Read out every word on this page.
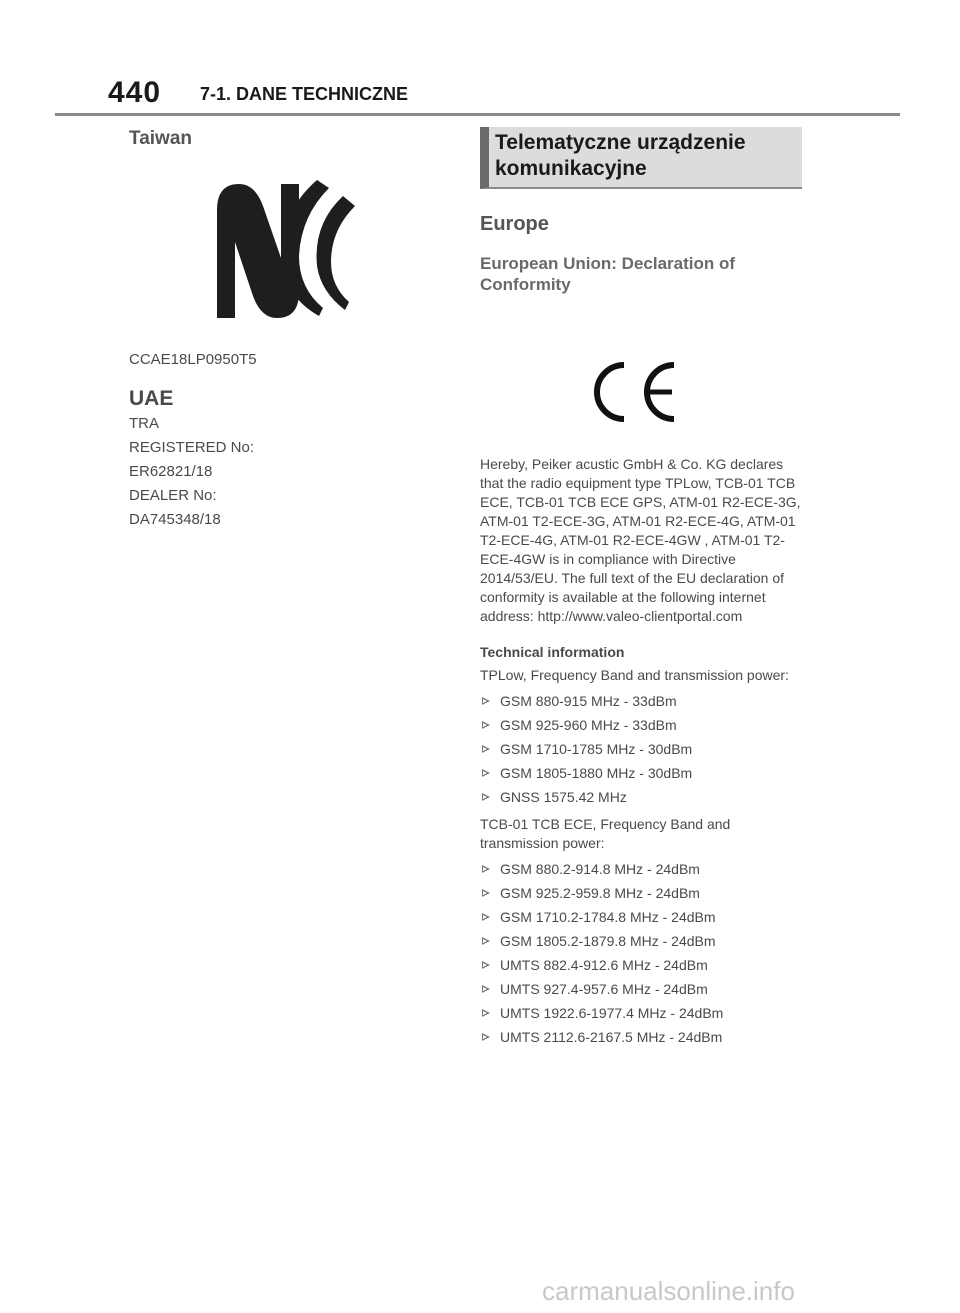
440 7-1. DANE TECHNICZNE
Taiwan

CCAE18LP0950T5

UAE

TRA

REGISTERED No:

ER62821/18

DEALER No:

DA745348/18

Telematyczne urządzenie komunikacyjne
Europe
European Union: Declaration of Conformity
Hereby, Peiker acustic GmbH & Co. KG declares that the radio equipment type TPLow, TCB-01 TCB ECE, TCB-01 TCB ECE GPS, ATM-01 R2-ECE-3G, ATM-01 T2-ECE-3G, ATM-01 R2-ECE-4G, ATM-01 T2-ECE-4G, ATM-01 R2-ECE-4GW , ATM-01 T2-ECE-4GW is in compliance with Directive 2014/53/EU. The full text of the EU declaration of conformity is available at the following internet address: http://www.valeo-clientportal.com
Technical information
TPLow, Frequency Band and transmission power:
GSM 880-915 MHz - 33dBm
GSM 925-960 MHz - 33dBm
GSM 1710-1785 MHz - 30dBm
GSM 1805-1880 MHz - 30dBm
GNSS 1575.42 MHz
TCB-01 TCB ECE, Frequency Band and transmission power:
GSM 880.2-914.8 MHz - 24dBm
GSM 925.2-959.8 MHz - 24dBm
GSM 1710.2-1784.8 MHz - 24dBm
GSM 1805.2-1879.8 MHz - 24dBm
UMTS 882.4-912.6 MHz - 24dBm
UMTS 927.4-957.6 MHz - 24dBm
UMTS 1922.6-1977.4 MHz - 24dBm
UMTS 2112.6-2167.5 MHz - 24dBm
carmanualsonline.info
